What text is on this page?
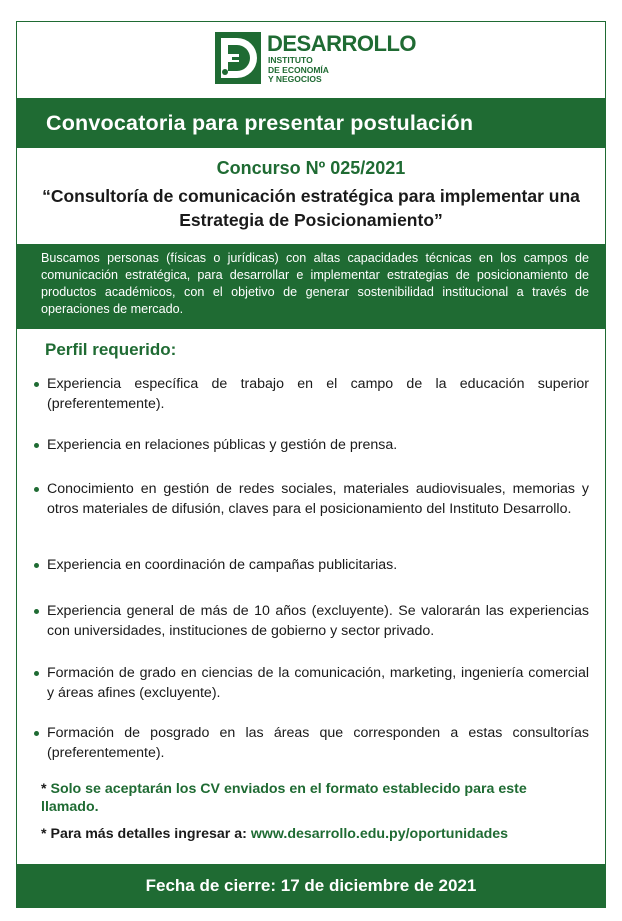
DESARROLLO
INSTITUTO
DE ECONOMÍA
Y NEGOCIOS
Convocatoria para presentar postulación
Concurso Nº 025/2021
“Consultoría de comunicación estratégica para implementar una Estrategia de Posicionamiento”
Buscamos personas (físicas o jurídicas) con altas capacidades técnicas en los campos de comunicación estratégica, para desarrollar e implementar estrategias de posicionamiento de productos académicos, con el objetivo de generar sostenibilidad institucional a través de operaciones de mercado.
Perfil requerido:
Experiencia específica de trabajo en el campo de la educación superior (preferentemente).
Experiencia en relaciones públicas y gestión de prensa.
Conocimiento en gestión de redes sociales, materiales audiovisuales, memorias y otros materiales de difusión, claves para el posicionamiento del Instituto Desarrollo.
Experiencia en coordinación de campañas publicitarias.
Experiencia general de más de 10 años (excluyente). Se valorarán las experiencias con universidades, instituciones de gobierno y sector privado.
Formación de grado en ciencias de la comunicación, marketing, ingeniería comercial y áreas afines (excluyente).
Formación de posgrado en las áreas que corresponden a estas consultorías (preferentemente).
* Solo se aceptarán los CV enviados en el formato establecido para este llamado.
* Para más detalles ingresar a: www.desarrollo.edu.py/oportunidades
Fecha de cierre: 17 de diciembre de 2021
